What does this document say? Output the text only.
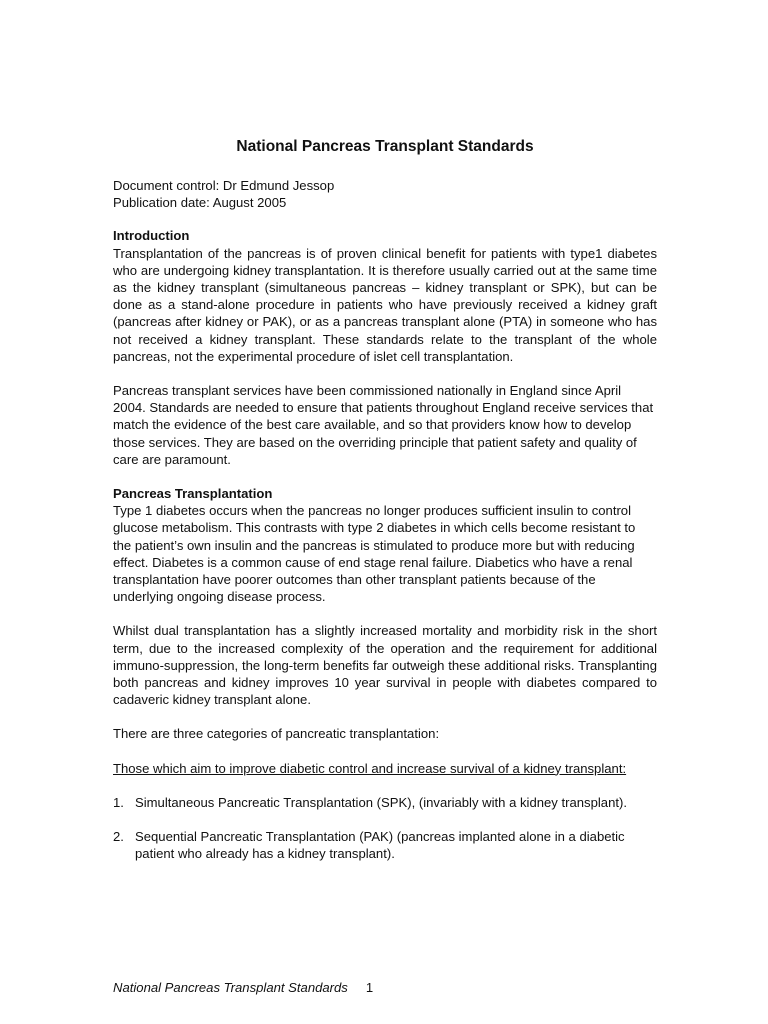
National Pancreas Transplant Standards

Document control: Dr Edmund Jessop

Publication date: August 2005

Introduction

Transplantation of the pancreas is of proven clinical benefit for patients with type1 diabetes who are undergoing kidney transplantation. It is therefore usually carried out at the same time as the kidney transplant (simultaneous pancreas – kidney transplant or SPK), but can be done as a stand-alone procedure in patients who have previously received a kidney graft (pancreas after kidney or PAK), or as a pancreas transplant alone (PTA) in someone who has not received a kidney transplant. These standards relate to the transplant of the whole pancreas, not the experimental procedure of islet cell transplantation.

Pancreas transplant services have been commissioned nationally in England since April 2004. Standards are needed to ensure that patients throughout England receive services that match the evidence of the best care available, and so that providers know how to develop those services. They are based on the overriding principle that patient safety and quality of care are paramount.

Pancreas Transplantation

Type 1 diabetes occurs when the pancreas no longer produces sufficient insulin to control glucose metabolism. This contrasts with type 2 diabetes in which cells become resistant to the patient’s own insulin and the pancreas is stimulated to produce more but with reducing effect. Diabetes is a common cause of end stage renal failure. Diabetics who have a renal transplantation have poorer outcomes than other transplant patients because of the underlying ongoing disease process.

Whilst dual transplantation has a slightly increased mortality and morbidity risk in the short term, due to the increased complexity of the operation and the requirement for additional immuno-suppression, the long-term benefits far outweigh these additional risks. Transplanting both pancreas and kidney improves 10 year survival in people with diabetes compared to cadaveric kidney transplant alone.

There are three categories of pancreatic transplantation:

Those which aim to improve diabetic control and increase survival of a kidney transplant:

1. Simultaneous Pancreatic Transplantation (SPK), (invariably with a kidney transplant).
2. Sequential Pancreatic Transplantation (PAK) (pancreas implanted alone in a diabetic patient who already has a kidney transplant).
National Pancreas Transplant Standards 1
